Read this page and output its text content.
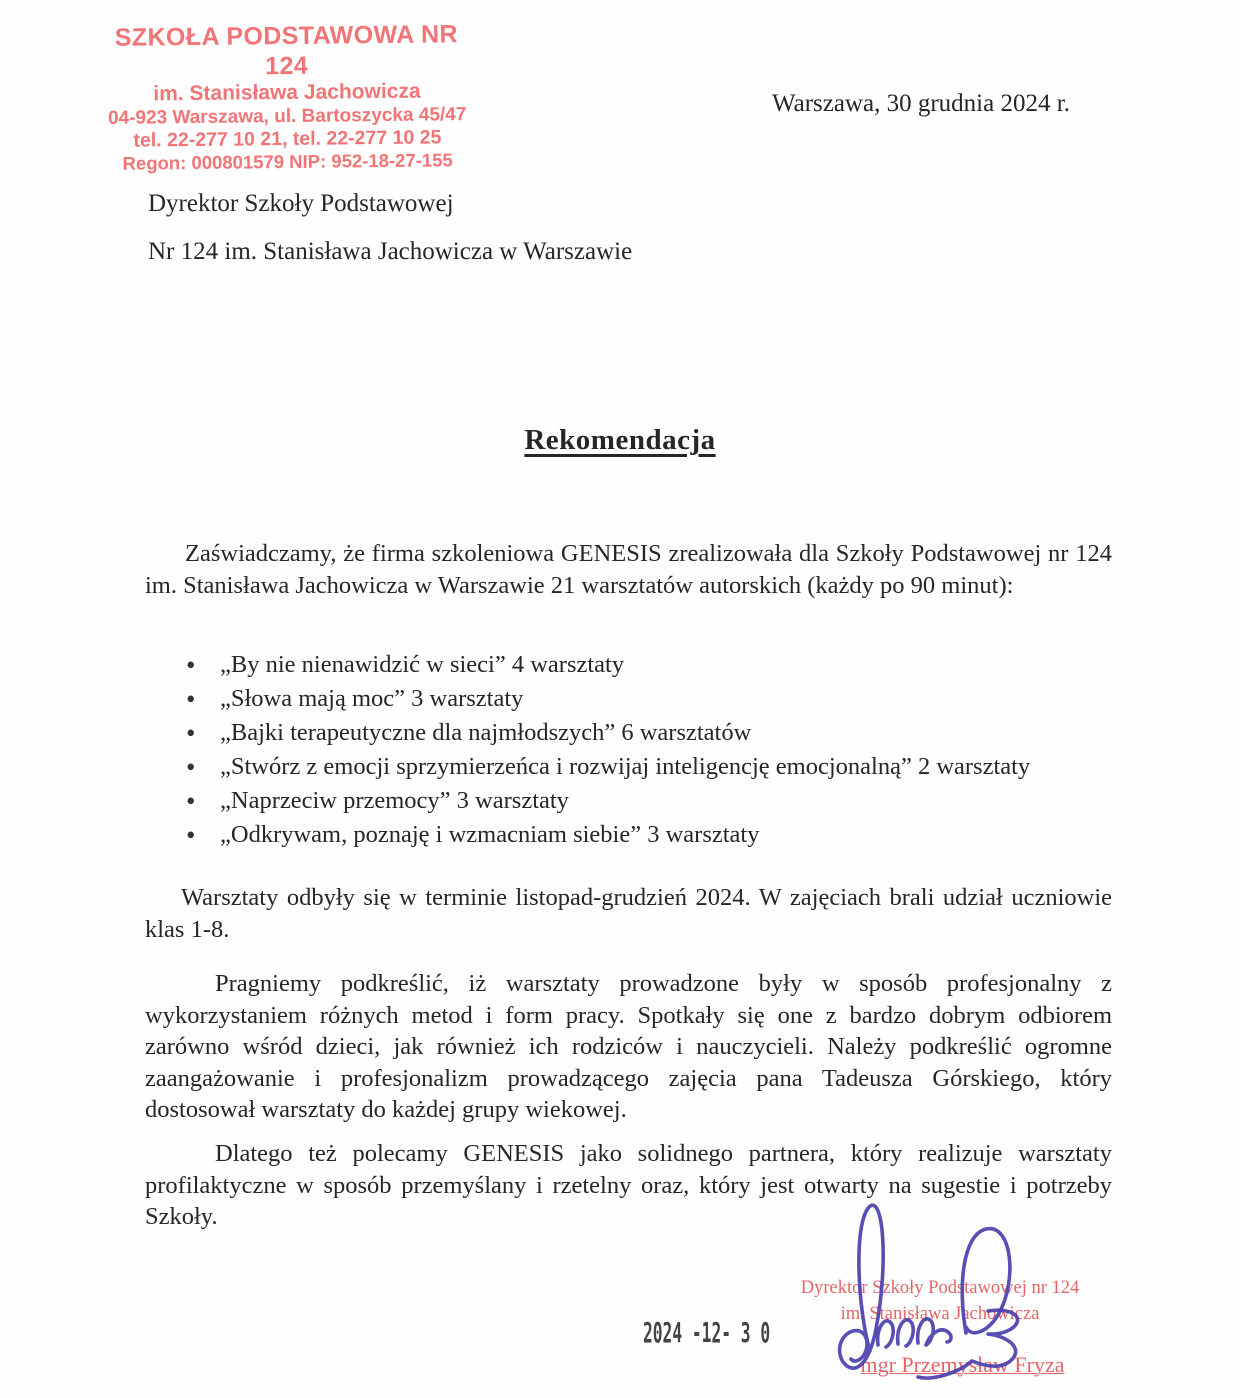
SZKOŁA PODSTAWOWA NR 124
im. Stanisława Jachowicza
04-923 Warszawa, ul. Bartoszycka 45/47
tel. 22-277 10 21, tel. 22-277 10 25
Regon: 000801579 NIP: 952-18-27-155
Warszawa, 30 grudnia 2024 r.
Dyrektor Szkoły Podstawowej
Nr 124 im. Stanisława Jachowicza w Warszawie
Rekomendacja

Zaświadczamy, że firma szkoleniowa GENESIS zrealizowała dla Szkoły Podstawowej nr 124 im. Stanisława Jachowicza w Warszawie 21 warsztatów autorskich (każdy po 90 minut):

• „By nie nienawidzić w sieci” 4 warsztaty
• „Słowa mają moc” 3 warsztaty
• „Bajki terapeutyczne dla najmłodszych” 6 warsztatów
• „Stwórz z emocji sprzymierzeńca i rozwijaj inteligencję emocjonalną” 2 warsztaty
• „Naprzeciw przemocy” 3 warsztaty
• „Odkrywam, poznaję i wzmacniam siebie” 3 warsztaty

Warsztaty odbyły się w terminie listopad-grudzień 2024. W zajęciach brali udział uczniowie klas 1-8.

Pragniemy podkreślić, iż warsztaty prowadzone były w sposób profesjonalny z wykorzystaniem różnych metod i form pracy. Spotkały się one z bardzo dobrym odbiorem zarówno wśród dzieci, jak również ich rodziców i nauczycieli. Należy podkreślić ogromne zaangażowanie i profesjonalizm prowadzącego zajęcia pana Tadeusza Górskiego, który dostosował warsztaty do każdej grupy wiekowej.

Dlatego też polecamy GENESIS jako solidnego partnera, który realizuje warsztaty profilaktyczne w sposób przemyślany i rzetelny oraz, który jest otwarty na sugestie i potrzeby Szkoły.

2024 -12- 3 0
Dyrektor Szkoły Podstawowej nr 124
im. Stanisława Jachowicza
mgr Przemysław Fryza
